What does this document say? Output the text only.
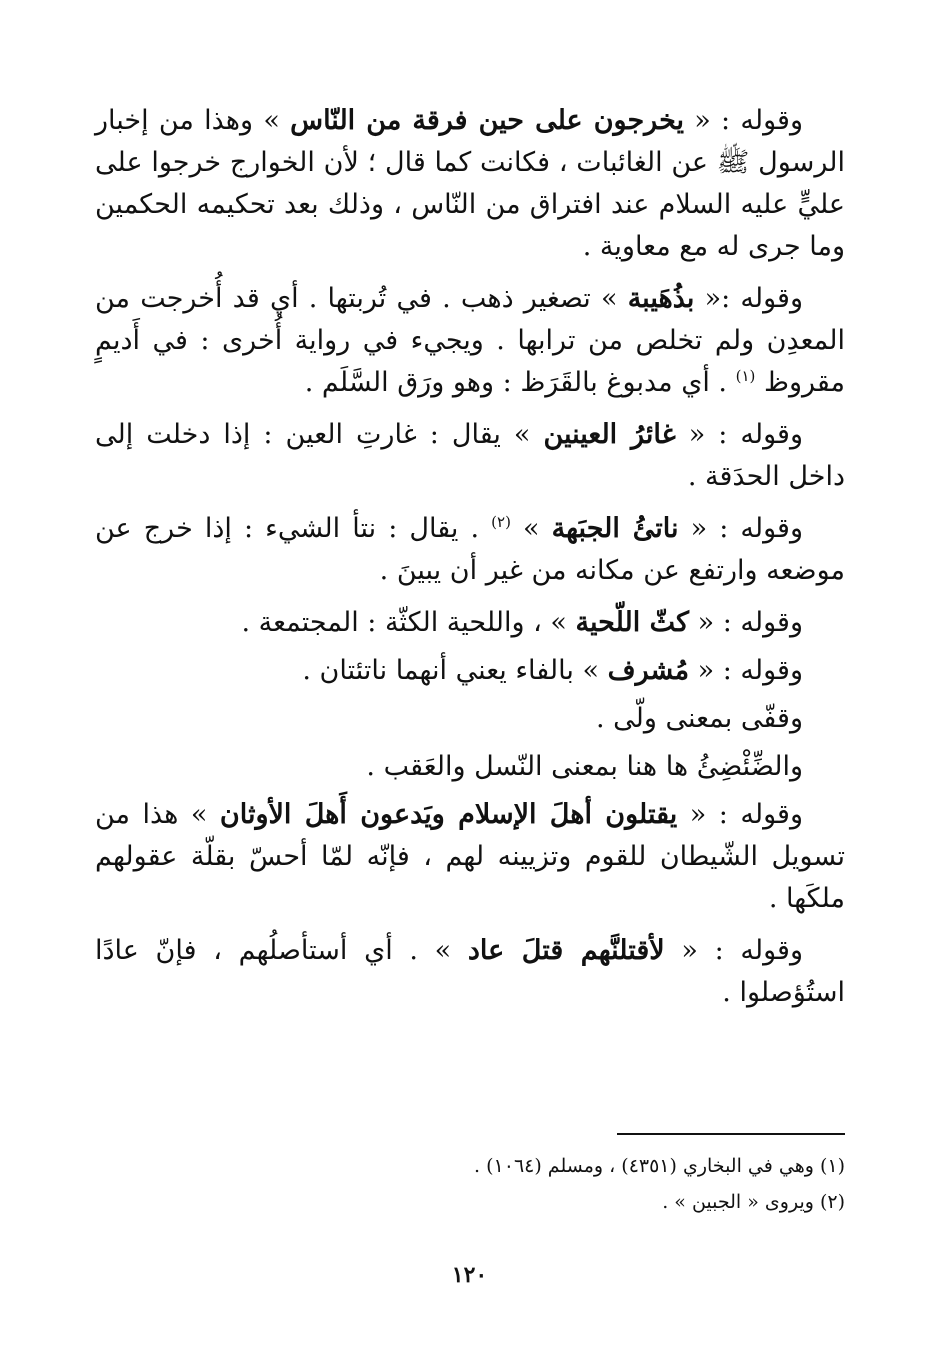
وقوله : « يخرجون على حين فرقة من النّاس » وهذا من إخبار الرسول ﷺ عن الغائبات ، فكانت كما قال ؛ لأن الخوارج خرجوا على عليٍّ عليه السلام عند افتراق من النّاس ، وذلك بعد تحكيمه الحكمين وما جرى له مع معاوية .

وقوله :« بذُهَيبة » تصغير ذهب . في تُربتها . أي قد أُخرجت من المعدِن ولم تخلص من ترابها . ويجيء في رواية أُخرى : في أَديمٍ مقروظ $^{(١)}$ . أي مدبوغ بالقَرَظ : وهو ورَق السَّلَم .

وقوله : « غائرُ العينين » يقال : غارتِ العين : إذا دخلت إلى داخل الحدَقة .

وقوله : « ناتئُ الجبَهة » $^{(٢)}$ . يقال : نتأ الشيء : إذا خرج عن موضعه وارتفع عن مكانه من غير أن يبينَ .

وقوله : « كثّ اللّحية » ، واللحية الكثّة : المجتمعة .

وقوله : « مُشرف » بالفاء يعني أنهما ناتئتان .

وقفّى بمعنى ولّى .

والضِّئْضِئُ ها هنا بمعنى النّسل والعَقب .

وقوله : « يقتلون أهلَ الإسلام ويَدعون أَهلَ الأوثان » هذا من تسويل الشّيطان للقوم وتزيينه لهم ، فإنّه لمّا أحسّ بقلّة عقولهم ملكَها .

وقوله : « لأقتلنَّهم قتلَ عاد » . أي أستأصلُهم ، فإنّ عادًا استُؤصلوا .

(١) وهي في البخاري (٤٣٥١) ، ومسلم (١٠٦٤) .
(٢) ويروى « الجبين » .
١٢٠
